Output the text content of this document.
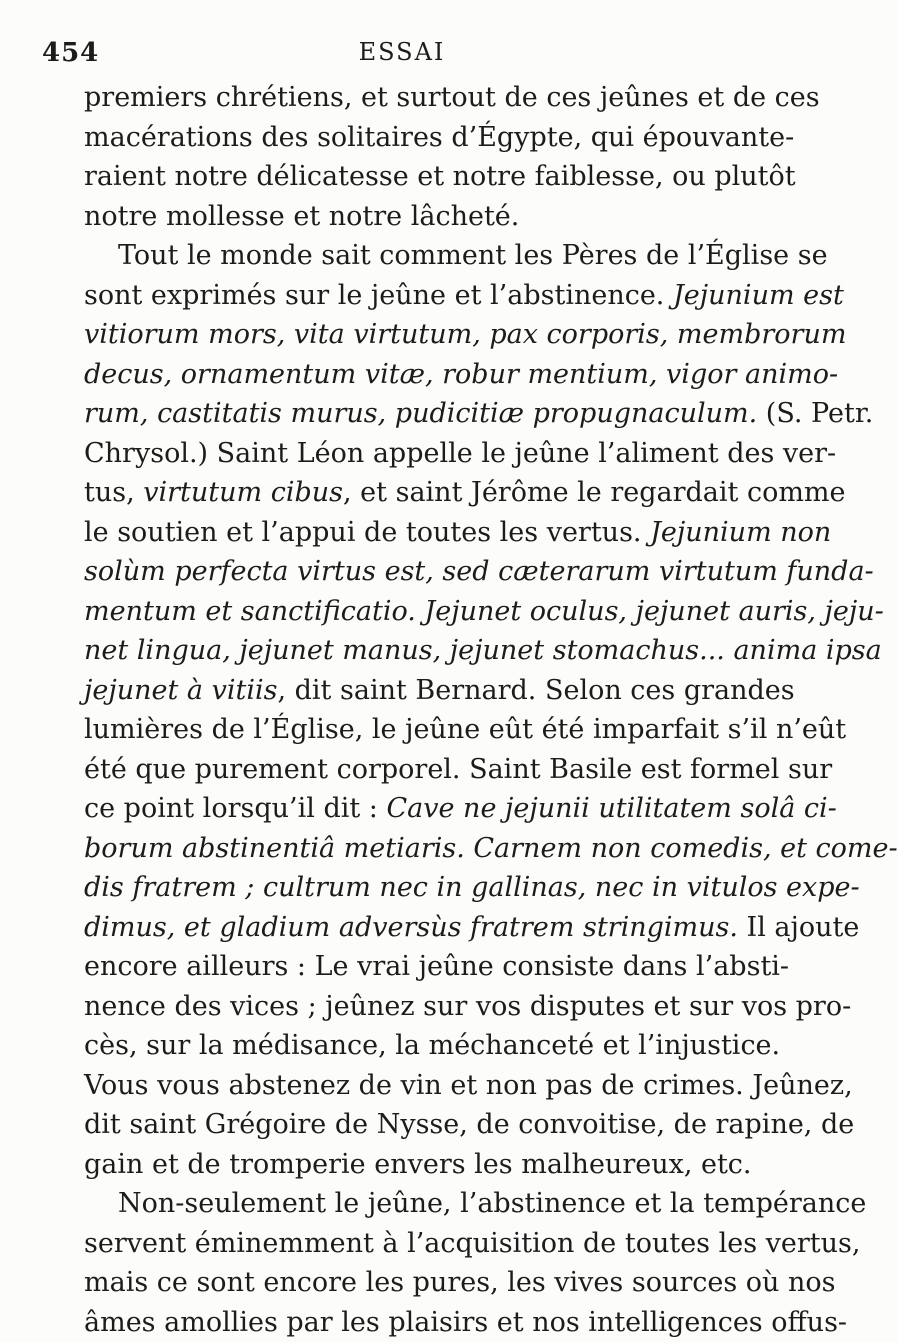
454	ESSAI
premiers chrétiens, et surtout de ces jeûnes et de ces
macérations des solitaires d’Égypte, qui épouvante-
raient notre délicatesse et notre faiblesse, ou plutôt
notre mollesse et notre lâcheté.
Tout le monde sait comment les Pères de l’Église se
sont exprimés sur le jeûne et l’abstinence. Jejunium est
vitiorum mors, vita virtutum, pax corporis, membrorum
decus, ornamentum vitæ, robur mentium, vigor animo-
rum, castitatis murus, pudicitiæ propugnaculum. (S. Petr.
Chrysol.) Saint Léon appelle le jeûne l’aliment des ver-
tus, virtutum cibus, et saint Jérôme le regardait comme
le soutien et l’appui de toutes les vertus. Jejunium non
solùm perfecta virtus est, sed cæterarum virtutum funda-
mentum et sanctificatio. Jejunet oculus, jejunet auris, jeju-
net lingua, jejunet manus, jejunet stomachus... anima ipsa
jejunet à vitiis, dit saint Bernard. Selon ces grandes
lumières de l’Église, le jeûne eût été imparfait s’il n’eût
été que purement corporel. Saint Basile est formel sur
ce point lorsqu’il dit : Cave ne jejunii utilitatem solâ ci-
borum abstinentiâ metiaris. Carnem non comedis, et come-
dis fratrem ; cultrum nec in gallinas, nec in vitulos expe-
dimus, et gladium adversùs fratrem stringimus. Il ajoute
encore ailleurs : Le vrai jeûne consiste dans l’absti-
nence des vices ; jeûnez sur vos disputes et sur vos pro-
cès, sur la médisance, la méchanceté et l’injustice.
Vous vous abstenez de vin et non pas de crimes. Jeûnez,
dit saint Grégoire de Nysse, de convoitise, de rapine, de
gain et de tromperie envers les malheureux, etc.
Non-seulement le jeûne, l’abstinence et la tempérance
servent éminemment à l’acquisition de toutes les vertus,
mais ce sont encore les pures, les vives sources où nos
âmes amollies par les plaisirs et nos intelligences offus-
